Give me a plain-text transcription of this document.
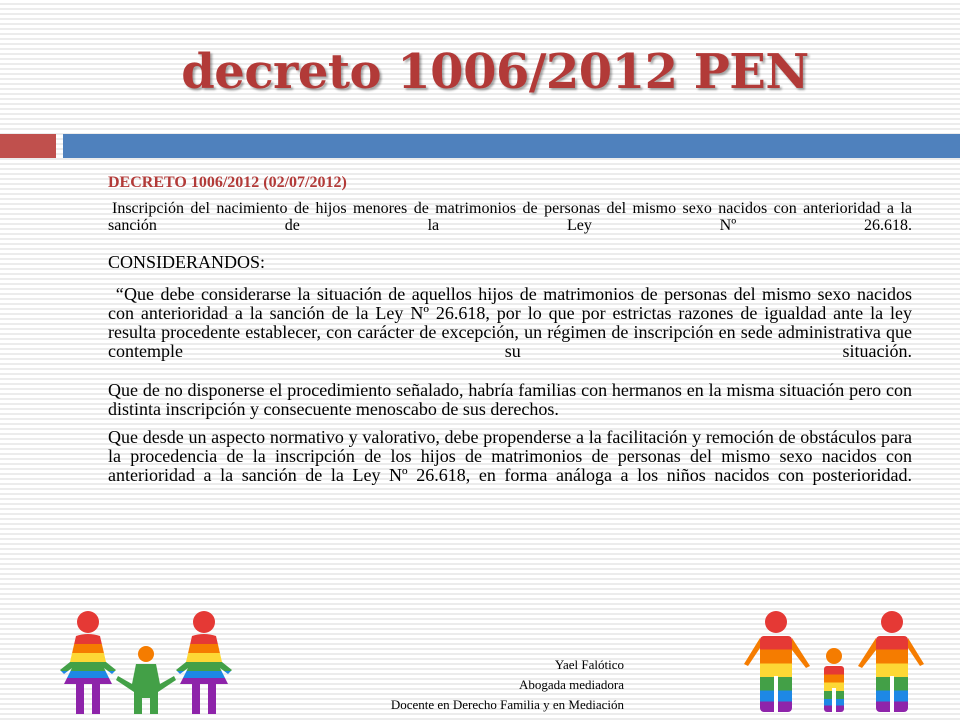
decreto 1006/2012 PEN

DECRETO 1006/2012 (02/07/2012)

Inscripción del nacimiento de hijos menores de matrimonios de personas del mismo sexo nacidos con anterioridad a la sanción de la Ley Nº 26.618.

CONSIDERANDOS:

“Que debe considerarse la situación de aquellos hijos de matrimonios de personas del mismo sexo nacidos con anterioridad a la sanción de la Ley Nº 26.618, por lo que por estrictas razones de igualdad ante la ley resulta procedente establecer, con carácter de excepción, un régimen de inscripción en sede administrativa que contemple su situación.

Que de no disponerse el procedimiento señalado, habría familias con hermanos en la misma situación pero con distinta inscripción y consecuente menoscabo de sus derechos.

Que desde un aspecto normativo y valorativo, debe propenderse a la facilitación y remoción de obstáculos para la procedencia de la inscripción de los hijos de matrimonios de personas del mismo sexo nacidos con anterioridad a la sanción de la Ley Nº 26.618, en forma análoga a los niños nacidos con posterioridad.

Yael Falótico
Abogada mediadora
Docente en Derecho Familia y en Mediación
